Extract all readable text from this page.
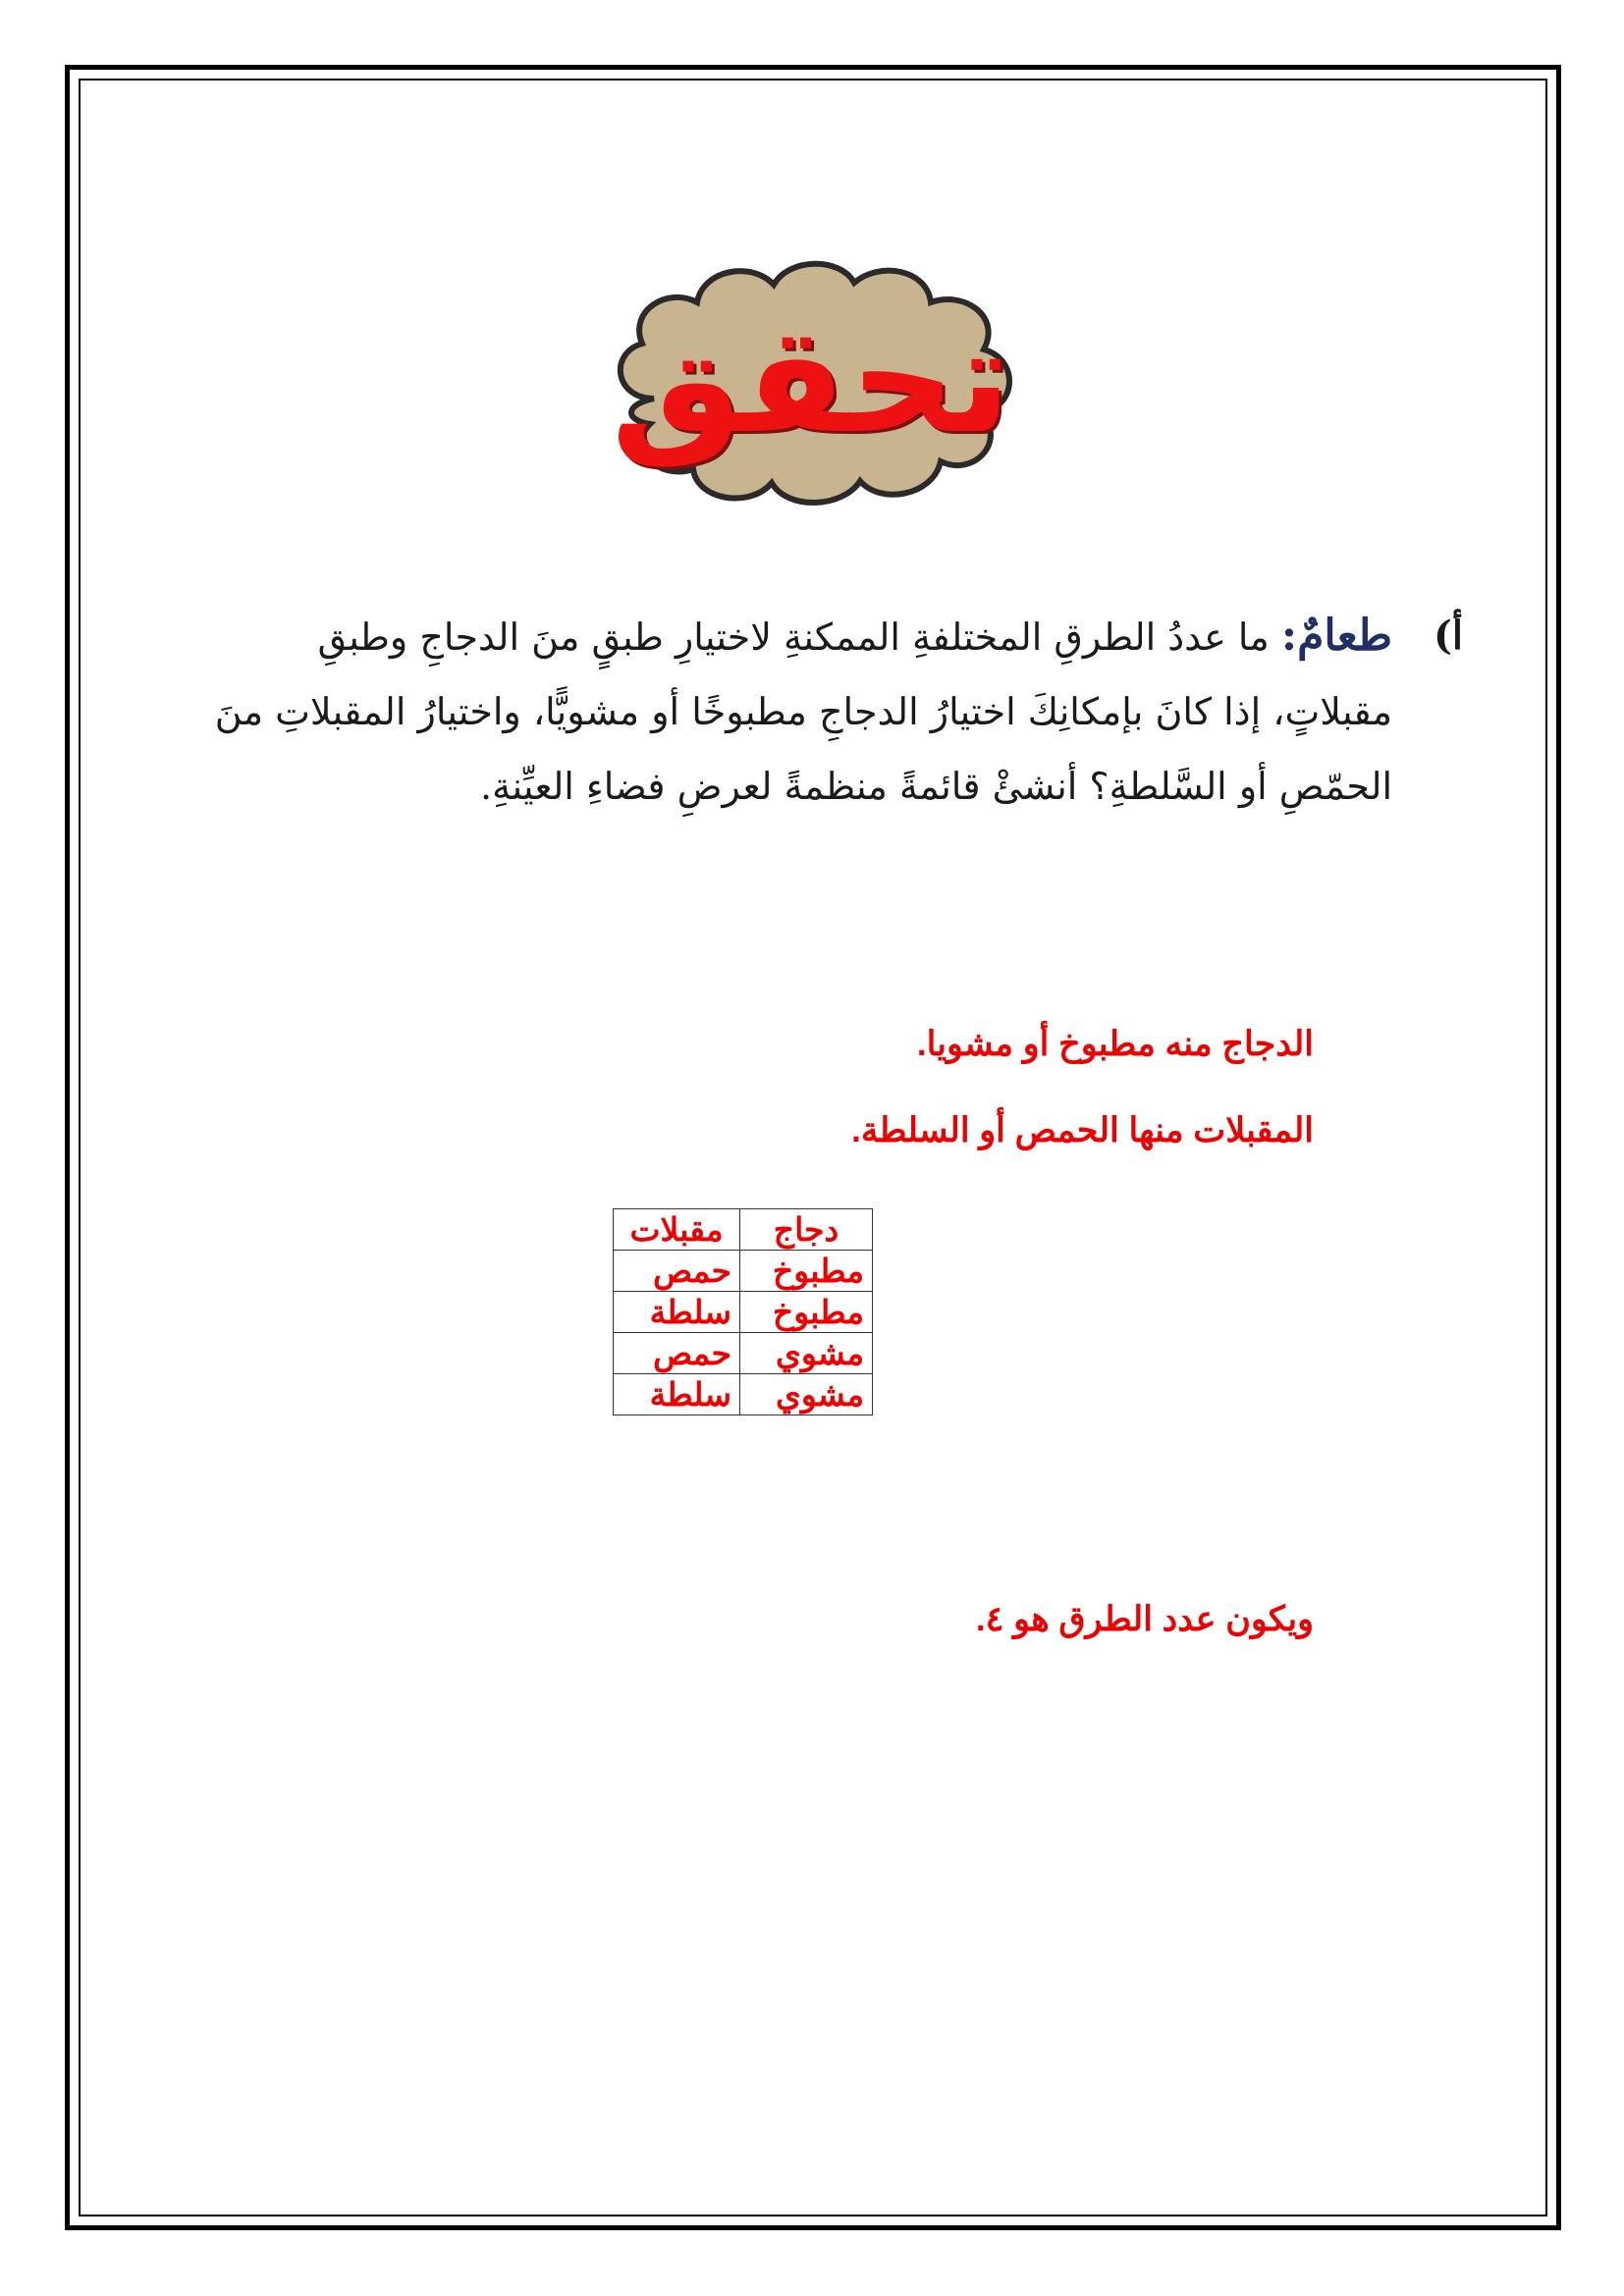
تحقق
أ)
طعامٌ: ما عددُ الطرقِ المختلفةِ الممكنةِ لاختيارِ طبقٍ منَ الدجاجِ وطبقِ مقبلاتٍ، إذا كانَ بإمكانِكَ اختيارُ الدجاجِ مطبوخًا أو مشويًّا، واختيارُ المقبلاتِ منَ الحمّصِ أو السَّلطةِ؟ أنشئْ قائمةً منظمةً لعرضِ فضاءِ العيِّنةِ.
الدجاج منه مطبوخ أو مشويا.
المقبلات منها الحمص أو السلطة.
دجاج	مقبلات
مطبوخ	حمص
مطبوخ	سلطة
مشوي	حمص
مشوي	سلطة
ويكون عدد الطرق هو ٤.
